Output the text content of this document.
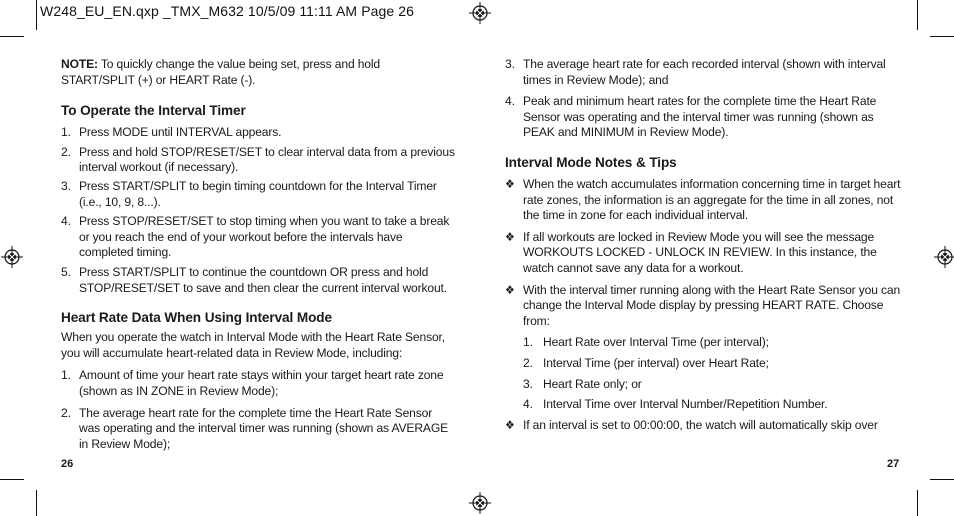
W248_EU_EN.qxp _TMX_M632 10/5/09 11:11 AM Page 26

NOTE: To quickly change the value being set, press and hold START/SPLIT (+) or HEART Rate (-).

To Operate the Interval Timer
1. Press MODE until INTERVAL appears.
2. Press and hold STOP/RESET/SET to clear interval data from a previous interval workout (if necessary).
3. Press START/SPLIT to begin timing countdown for the Interval Timer (i.e., 10, 9, 8...).
4. Press STOP/RESET/SET to stop timing when you want to take a break or you reach the end of your workout before the intervals have completed timing.
5. Press START/SPLIT to continue the countdown OR press and hold STOP/RESET/SET to save and then clear the current interval workout.
Heart Rate Data When Using Interval Mode

When you operate the watch in Interval Mode with the Heart Rate Sensor, you will accumulate heart-related data in Review Mode, including:

1. Amount of time your heart rate stays within your target heart rate zone (shown as IN ZONE in Review Mode);
2. The average heart rate for the complete time the Heart Rate Sensor was operating and the interval timer was running (shown as AVERAGE in Review Mode);
26
3. The average heart rate for each recorded interval (shown with interval times in Review Mode); and
4. Peak and minimum heart rates for the complete time the Heart Rate Sensor was operating and the interval timer was running (shown as PEAK and MINIMUM in Review Mode).
Interval Mode Notes & Tips
❖ When the watch accumulates information concerning time in target heart rate zones, the information is an aggregate for the time in all zones, not the time in zone for each individual interval.
❖ If all workouts are locked in Review Mode you will see the message WORKOUTS LOCKED - UNLOCK IN REVIEW. In this instance, the watch cannot save any data for a workout.
❖ With the interval timer running along with the Heart Rate Sensor you can change the Interval Mode display by pressing HEART RATE. Choose from:
1. Heart Rate over Interval Time (per interval);
2. Interval Time (per interval) over Heart Rate;
3. Heart Rate only; or
4. Interval Time over Interval Number/Repetition Number.
❖ If an interval is set to 00:00:00, the watch will automatically skip over
27
